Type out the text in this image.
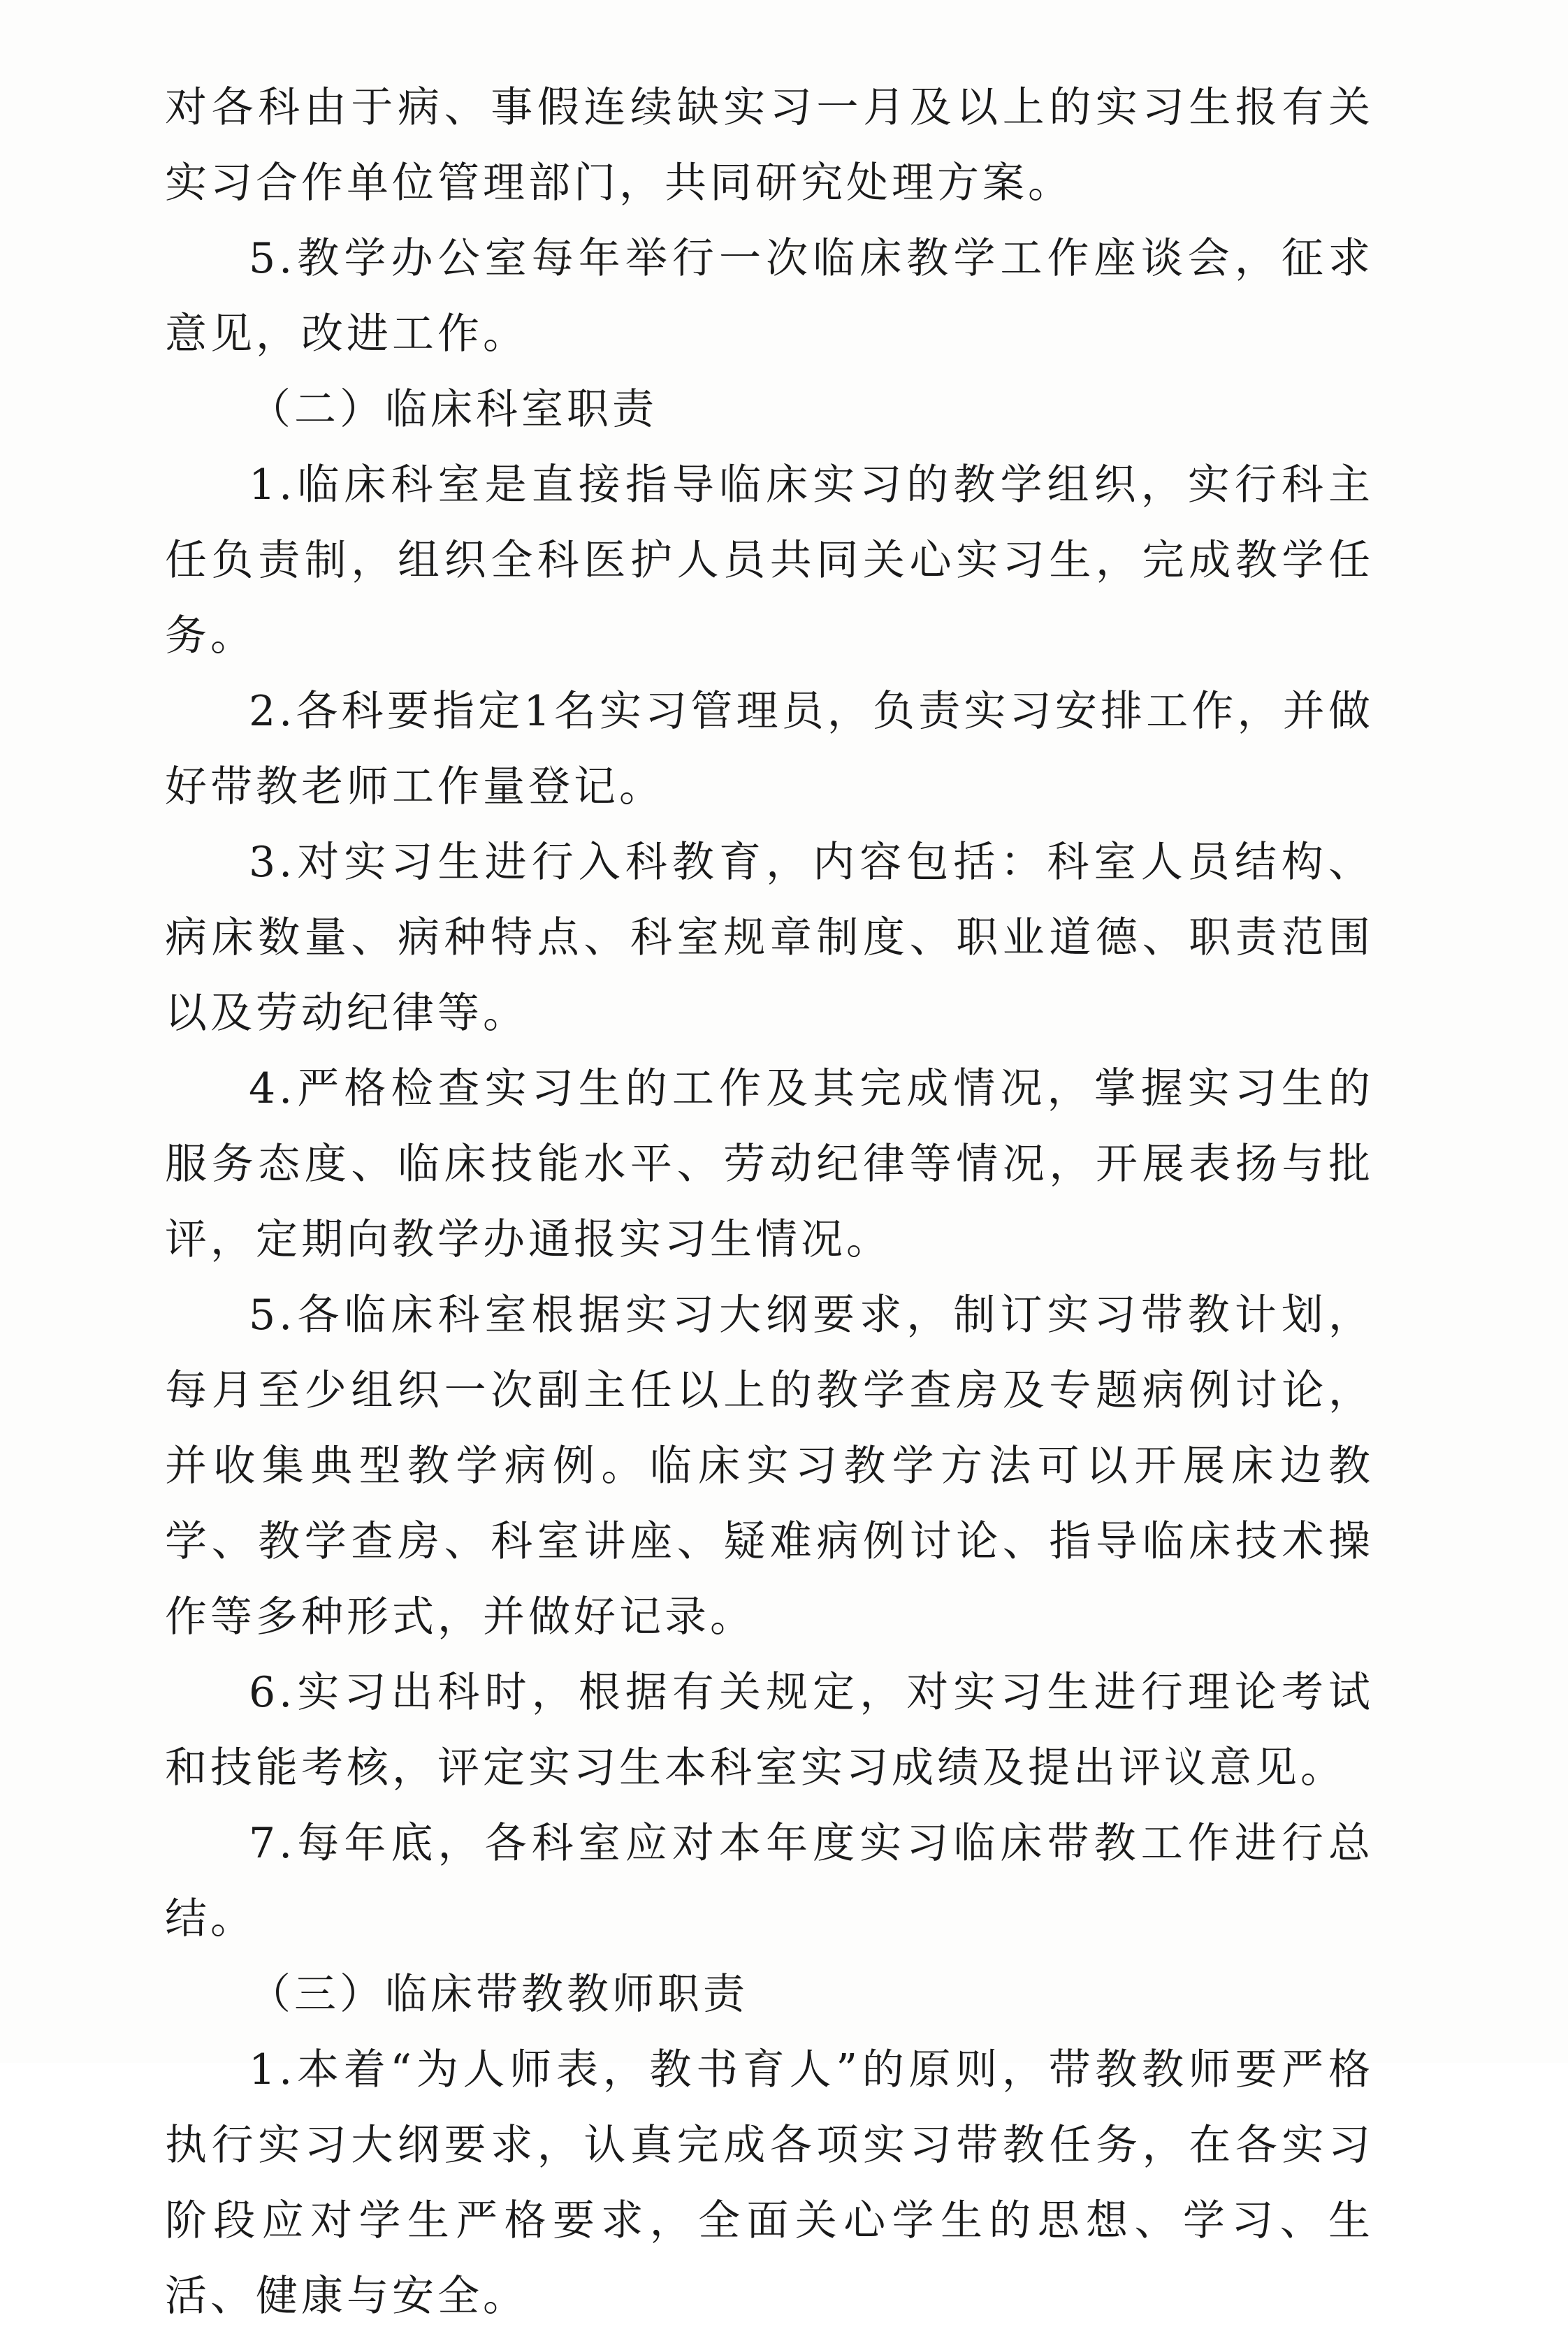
对各科由于病、事假连续缺实习一月及以上的实习生报有关实习合作单位管理部门，共同研究处理方案。

5.教学办公室每年举行一次临床教学工作座谈会，征求意见，改进工作。

（二）临床科室职责

1.临床科室是直接指导临床实习的教学组织，实行科主任负责制，组织全科医护人员共同关心实习生，完成教学任务。

2.各科要指定1名实习管理员，负责实习安排工作，并做好带教老师工作量登记。

3.对实习生进行入科教育，内容包括：科室人员结构、病床数量、病种特点、科室规章制度、职业道德、职责范围以及劳动纪律等。

4.严格检查实习生的工作及其完成情况，掌握实习生的服务态度、临床技能水平、劳动纪律等情况，开展表扬与批评，定期向教学办通报实习生情况。

5.各临床科室根据实习大纲要求，制订实习带教计划，每月至少组织一次副主任以上的教学查房及专题病例讨论，并收集典型教学病例。临床实习教学方法可以开展床边教学、教学查房、科室讲座、疑难病例讨论、指导临床技术操作等多种形式，并做好记录。

6.实习出科时，根据有关规定，对实习生进行理论考试和技能考核，评定实习生本科室实习成绩及提出评议意见。

7.每年底，各科室应对本年度实习临床带教工作进行总结。

（三）临床带教教师职责

1.本着“为人师表，教书育人”的原则，带教教师要严格执行实习大纲要求，认真完成各项实习带教任务，在各实习阶段应对学生严格要求，全面关心学生的思想、学习、生活、健康与安全。
